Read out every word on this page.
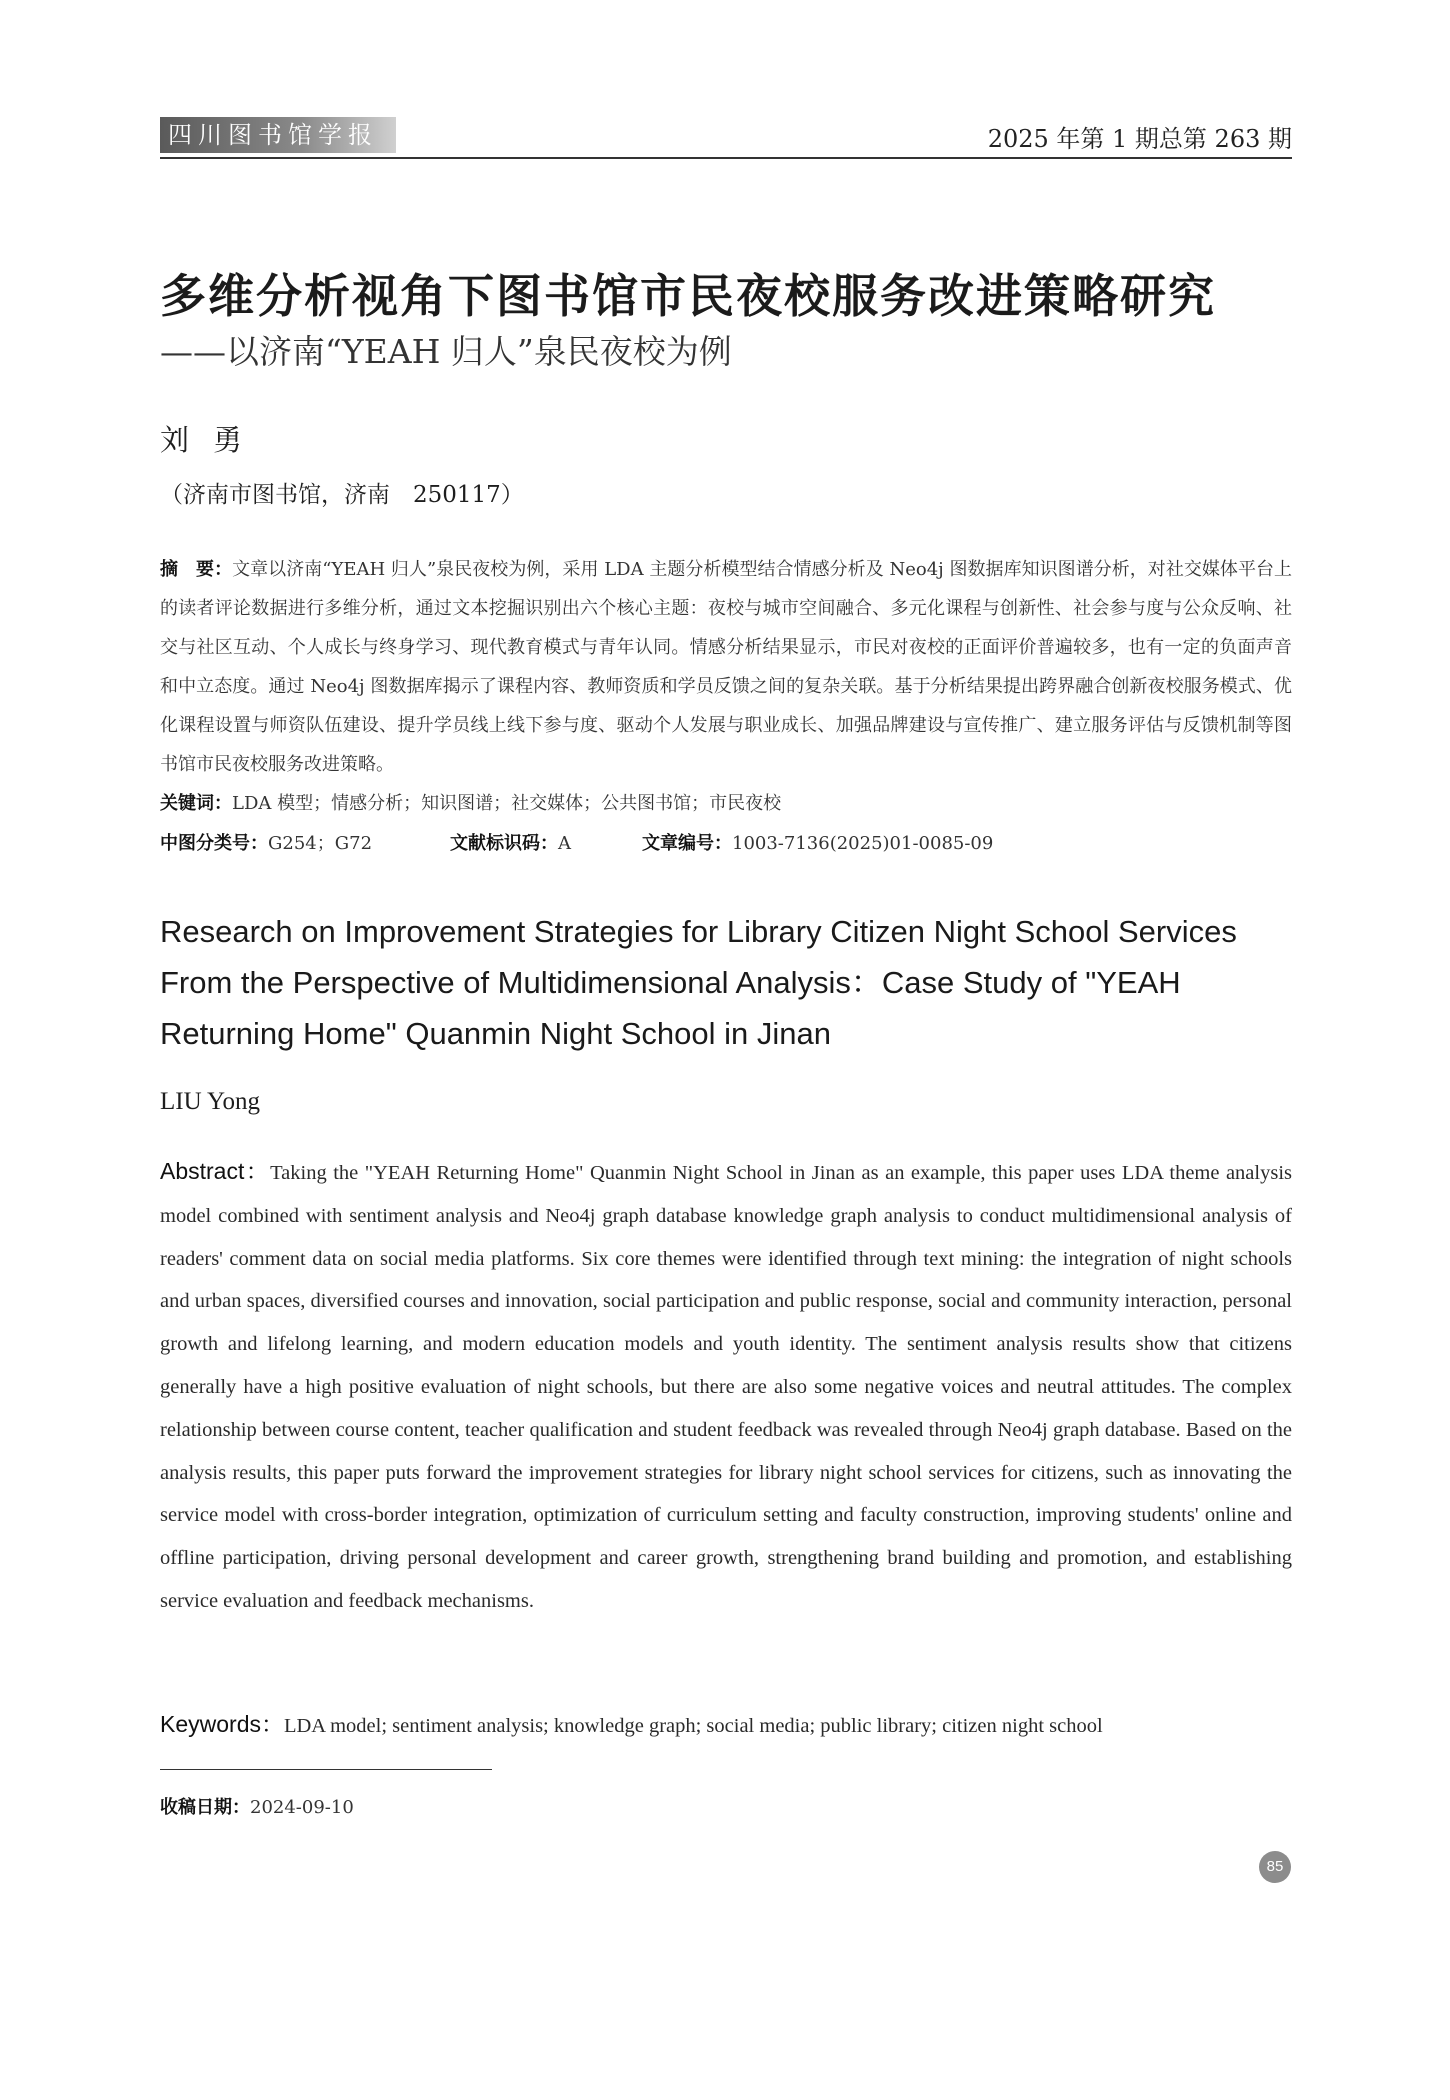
四川图书馆学报	2025 年第 1 期总第 263 期
多维分析视角下图书馆市民夜校服务改进策略研究
——以济南“YEAH 归人”泉民夜校为例
刘勇
（济南市图书馆，济南　250117）
摘　要：文章以济南“YEAH 归人”泉民夜校为例，采用 LDA 主题分析模型结合情感分析及 Neo4j 图数据库知识图谱分析，对社交媒体平台上的读者评论数据进行多维分析，通过文本挖掘识别出六个核心主题：夜校与城市空间融合、多元化课程与创新性、社会参与度与公众反响、社交与社区互动、个人成长与终身学习、现代教育模式与青年认同。情感分析结果显示，市民对夜校的正面评价普遍较多，也有一定的负面声音和中立态度。通过 Neo4j 图数据库揭示了课程内容、教师资质和学员反馈之间的复杂关联。基于分析结果提出跨界融合创新夜校服务模式、优化课程设置与师资队伍建设、提升学员线上线下参与度、驱动个人发展与职业成长、加强品牌建设与宣传推广、建立服务评估与反馈机制等图书馆市民夜校服务改进策略。
关键词：LDA 模型；情感分析；知识图谱；社交媒体；公共图书馆；市民夜校
中图分类号：G254；G72	文献标识码：A	文章编号：1003-7136(2025)01-0085-09
Research on Improvement Strategies for Library Citizen Night School Services From the Perspective of Multidimensional Analysis：Case Study of "YEAH Returning Home" Quanmin Night School in Jinan
LIU Yong
Abstract：Taking the "YEAH Returning Home" Quanmin Night School in Jinan as an example, this paper uses LDA theme analysis model combined with sentiment analysis and Neo4j graph database knowledge graph analysis to conduct multidimensional analysis of readers' comment data on social media platforms. Six core themes were identified through text mining: the integration of night schools and urban spaces, diversified courses and innovation, social participation and public response, social and community interaction, personal growth and lifelong learning, and modern education models and youth identity. The sentiment analysis results show that citizens generally have a high positive evaluation of night schools, but there are also some negative voices and neutral attitudes. The complex relationship between course content, teacher qualification and student feedback was revealed through Neo4j graph database. Based on the analysis results, this paper puts forward the improvement strategies for library night school services for citizens, such as innovating the service model with cross-border integration, optimization of curriculum setting and faculty construction, improving students' online and offline participation, driving personal development and career growth, strengthening brand building and promotion, and establishing service evaluation and feedback mechanisms.
Keywords：LDA model; sentiment analysis; knowledge graph; social media; public library; citizen night school
收稿日期：2024-09-10
85
